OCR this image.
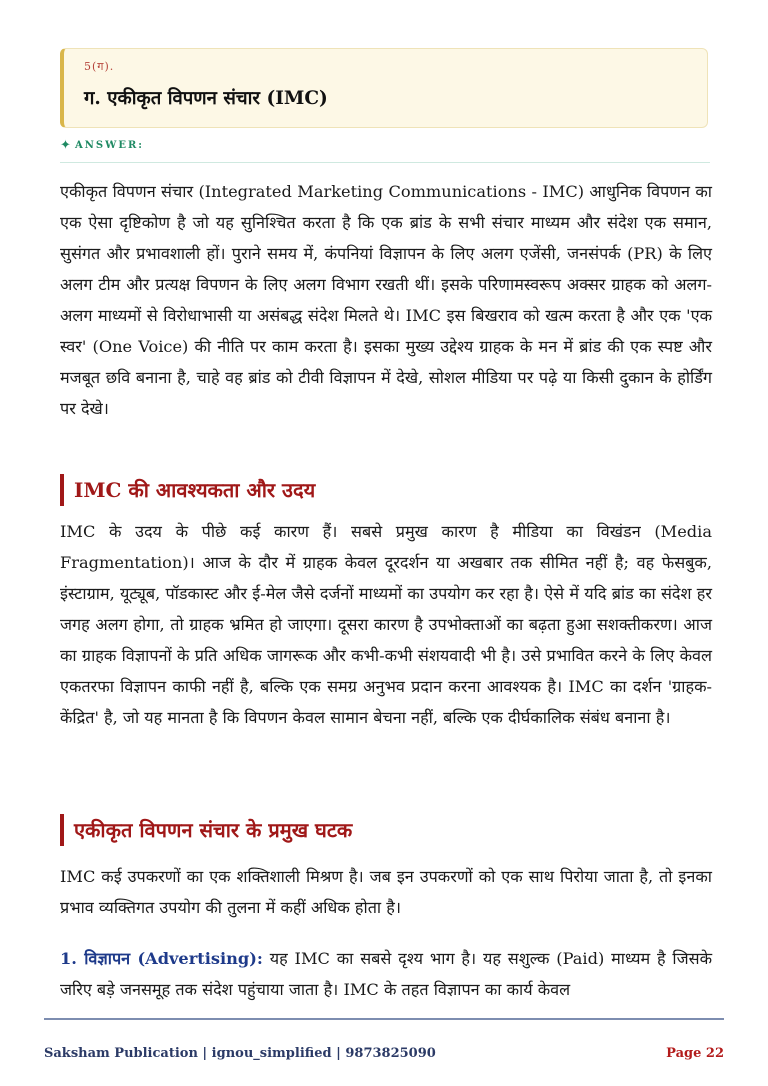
5(ग).
ग. एकीकृत विपणन संचार (IMC)
✦ ANSWER:

एकीकृत विपणन संचार (Integrated Marketing Communications - IMC) आधुनिक विपणन का एक ऐसा दृष्टिकोण है जो यह सुनिश्चित करता है कि एक ब्रांड के सभी संचार माध्यम और संदेश एक समान, सुसंगत और प्रभावशाली हों। पुराने समय में, कंपनियां विज्ञापन के लिए अलग एजेंसी, जनसंपर्क (PR) के लिए अलग टीम और प्रत्यक्ष विपणन के लिए अलग विभाग रखती थीं। इसके परिणामस्वरूप अक्सर ग्राहक को अलग-अलग माध्यमों से विरोधाभासी या असंबद्ध संदेश मिलते थे। IMC इस बिखराव को खत्म करता है और एक 'एक स्वर' (One Voice) की नीति पर काम करता है। इसका मुख्य उद्देश्य ग्राहक के मन में ब्रांड की एक स्पष्ट और मजबूत छवि बनाना है, चाहे वह ब्रांड को टीवी विज्ञापन में देखे, सोशल मीडिया पर पढ़े या किसी दुकान के होर्डिंग पर देखे।

IMC की आवश्यकता और उदय

IMC के उदय के पीछे कई कारण हैं। सबसे प्रमुख कारण है मीडिया का विखंडन (Media Fragmentation)। आज के दौर में ग्राहक केवल दूरदर्शन या अखबार तक सीमित नहीं है; वह फेसबुक, इंस्टाग्राम, यूट्यूब, पॉडकास्ट और ई-मेल जैसे दर्जनों माध्यमों का उपयोग कर रहा है। ऐसे में यदि ब्रांड का संदेश हर जगह अलग होगा, तो ग्राहक भ्रमित हो जाएगा। दूसरा कारण है उपभोक्ताओं का बढ़ता हुआ सशक्तीकरण। आज का ग्राहक विज्ञापनों के प्रति अधिक जागरूक और कभी-कभी संशयवादी भी है। उसे प्रभावित करने के लिए केवल एकतरफा विज्ञापन काफी नहीं है, बल्कि एक समग्र अनुभव प्रदान करना आवश्यक है। IMC का दर्शन 'ग्राहक-केंद्रित' है, जो यह मानता है कि विपणन केवल सामान बेचना नहीं, बल्कि एक दीर्घकालिक संबंध बनाना है।

एकीकृत विपणन संचार के प्रमुख घटक

IMC कई उपकरणों का एक शक्तिशाली मिश्रण है। जब इन उपकरणों को एक साथ पिरोया जाता है, तो इनका प्रभाव व्यक्तिगत उपयोग की तुलना में कहीं अधिक होता है।

1. विज्ञापन (Advertising): यह IMC का सबसे दृश्य भाग है। यह सशुल्क (Paid) माध्यम है जिसके जरिए बड़े जनसमूह तक संदेश पहुंचाया जाता है। IMC के तहत विज्ञापन का कार्य केवल

Saksham Publication | ignou_simplified | 9873825090	Page 22
